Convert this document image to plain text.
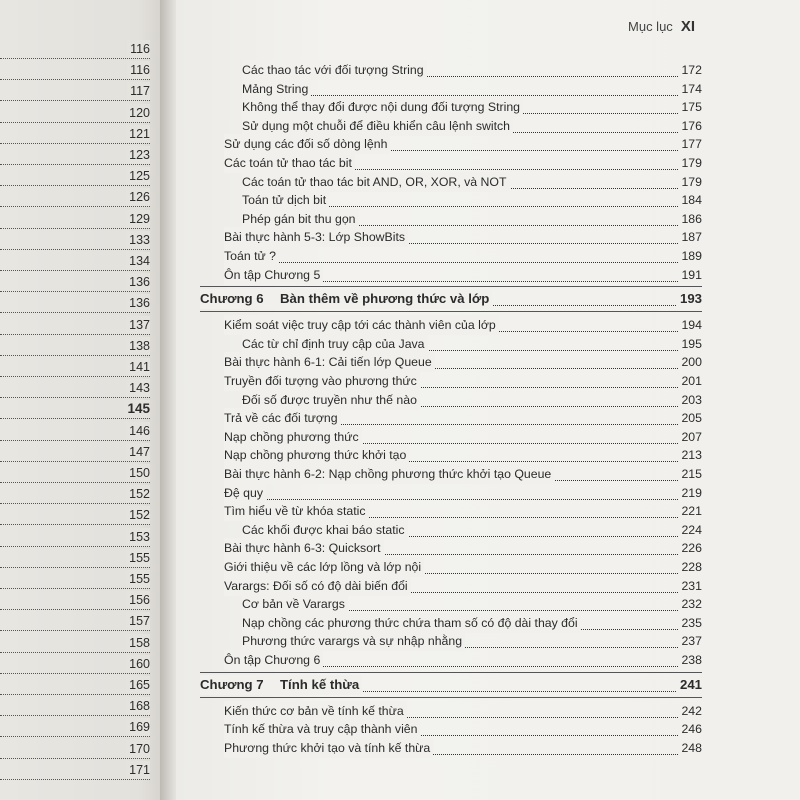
116
116
117
120
121
123
125
126
129
133
134
136
136
137
138
141
143
145
146
147
150
152
152
153
155
155
156
157
158
160
165
168
169
170
171
Mục lục XI
Các thao tác với đối tượng String	172
Mảng String	174
Không thể thay đổi được nội dung đối tượng String	175
Sử dụng một chuỗi để điều khiển câu lệnh switch	176
Sử dụng các đối số dòng lệnh	177
Các toán tử thao tác bit	179
Các toán tử thao tác bit AND, OR, XOR, và NOT	179
Toán tử dịch bit	184
Phép gán bit thu gọn	186
Bài thực hành 5-3: Lớp ShowBits	187
Toán tử ?	189
Ôn tập Chương 5	191
Chương 6 Bàn thêm về phương thức và lớp	193
Kiểm soát việc truy cập tới các thành viên của lớp	194
Các từ chỉ định truy cập của Java	195
Bài thực hành 6-1: Cải tiến lớp Queue	200
Truyền đối tượng vào phương thức	201
Đối số được truyền như thế nào	203
Trả về các đối tượng	205
Nạp chồng phương thức	207
Nạp chồng phương thức khởi tạo	213
Bài thực hành 6-2: Nạp chồng phương thức khởi tạo Queue	215
Đệ quy	219
Tìm hiểu về từ khóa static	221
Các khối được khai báo static	224
Bài thực hành 6-3: Quicksort	226
Giới thiệu về các lớp lồng và lớp nội	228
Varargs: Đối số có độ dài biến đổi	231
Cơ bản về Varargs	232
Nạp chồng các phương thức chứa tham số có độ dài thay đổi	235
Phương thức varargs và sự nhập nhằng	237
Ôn tập Chương 6	238
Chương 7 Tính kế thừa	241
Kiến thức cơ bản về tính kế thừa	242
Tính kế thừa và truy cập thành viên	246
Phương thức khởi tạo và tính kế thừa	248
